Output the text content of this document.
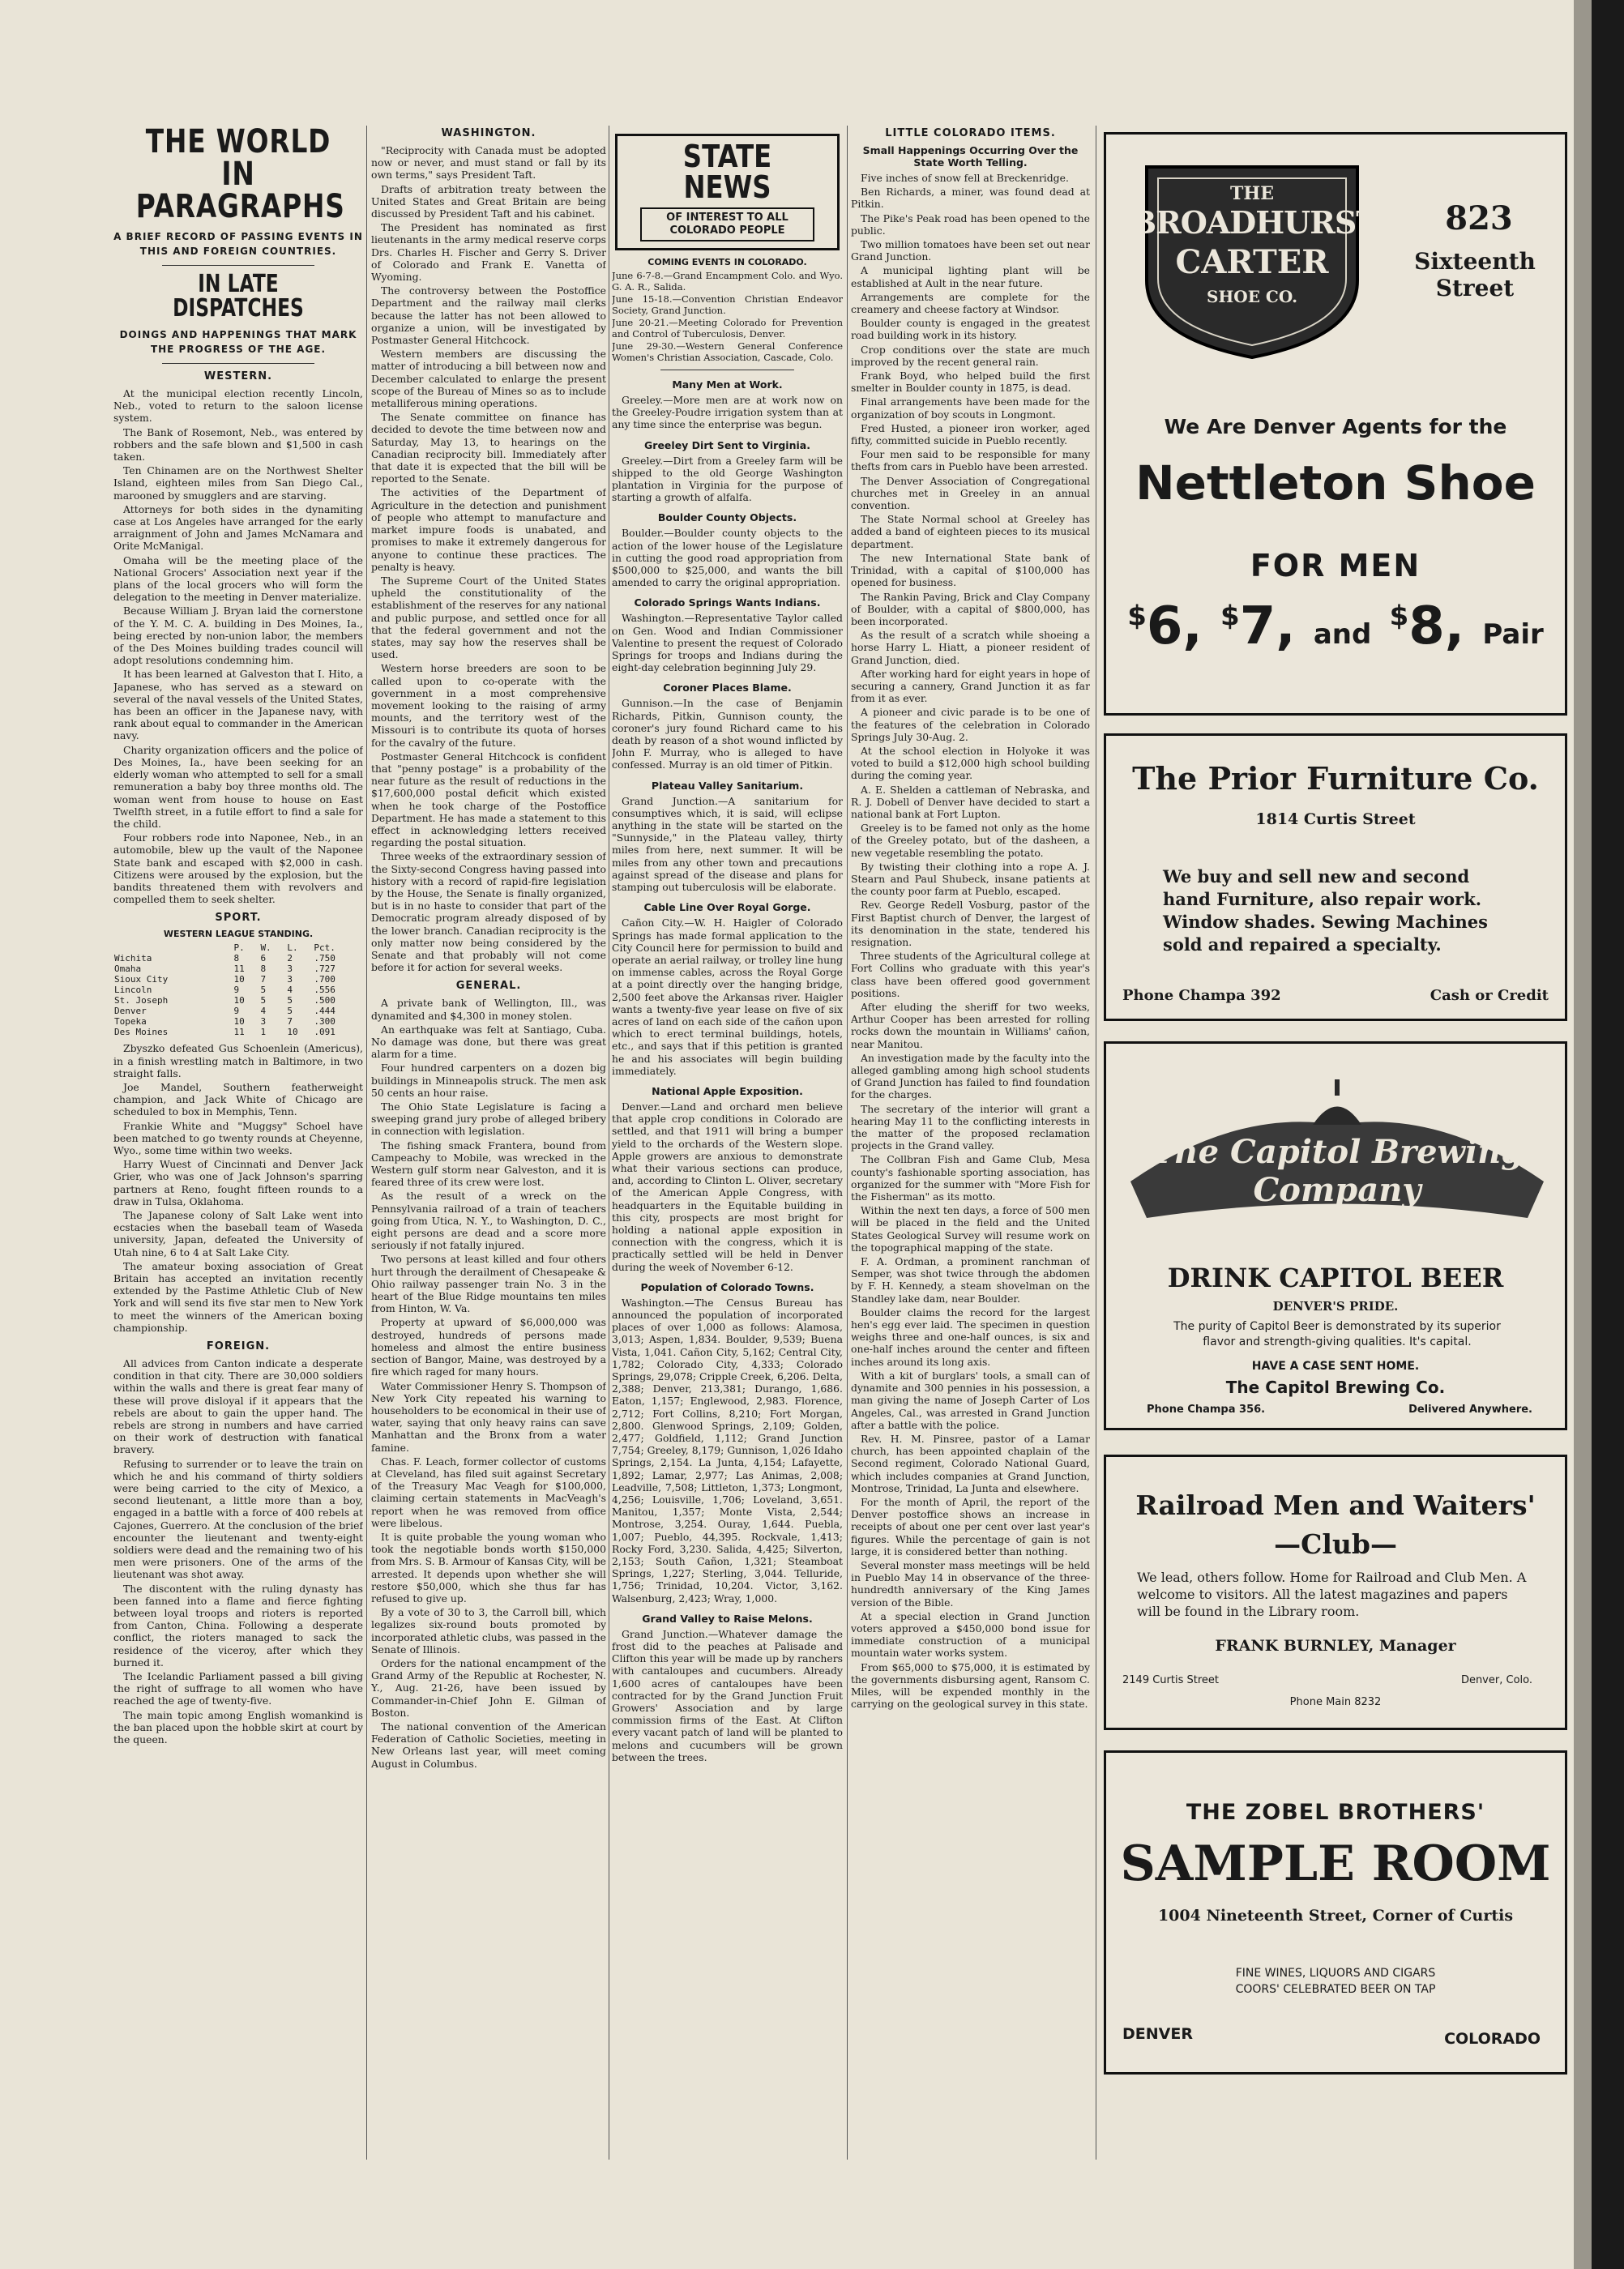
THE WORLD IN
PARAGRAPHS
A BRIEF RECORD OF PASSING EVENTS IN THIS AND FOREIGN COUNTRIES.
IN LATE DISPATCHES
DOINGS AND HAPPENINGS THAT MARK THE PROGRESS OF THE AGE.
WESTERN.

At the municipal election recently Lincoln, Neb., voted to return to the saloon license system.

The Bank of Rosemont, Neb., was entered by robbers and the safe blown and $1,500 in cash taken.

Ten Chinamen are on the Northwest Shelter Island, eighteen miles from San Diego Cal., marooned by smugglers and are starving.

Attorneys for both sides in the dynamiting case at Los Angeles have arranged for the early arraignment of John and James McNamara and Orite McManigal.

Omaha will be the meeting place of the National Grocers' Association next year if the plans of the local grocers who will form the delegation to the meeting in Denver materialize.

Because William J. Bryan laid the cornerstone of the Y. M. C. A. building in Des Moines, Ia., being erected by non-union labor, the members of the Des Moines building trades council will adopt resolutions condemning him.

It has been learned at Galveston that I. Hito, a Japanese, who has served as a steward on several of the naval vessels of the United States, has been an officer in the Japanese navy, with rank about equal to commander in the American navy.

Charity organization officers and the police of Des Moines, Ia., have been seeking for an elderly woman who attempted to sell for a small remuneration a baby boy three months old. The woman went from house to house on East Twelfth street, in a futile effort to find a sale for the child.

Four robbers rode into Naponee, Neb., in an automobile, blew up the vault of the Naponee State bank and escaped with $2,000 in cash. Citizens were aroused by the explosion, but the bandits threatened them with revolvers and compelled them to seek shelter.

SPORT.
WESTERN LEAGUE STANDING.
	P.	W.	L.	Pct.
Wichita	8	6	2	.750
Omaha	11	8	3	.727
Sioux City	10	7	3	.700
Lincoln	9	5	4	.556
St. Joseph	10	5	5	.500
Denver	9	4	5	.444
Topeka	10	3	7	.300
Des Moines	11	1	10	.091

Zbyszko defeated Gus Schoenlein (Americus), in a finish wrestling match in Baltimore, in two straight falls.

Joe Mandel, Southern featherweight champion, and Jack White of Chicago are scheduled to box in Memphis, Tenn.

Frankie White and "Muggsy" Schoel have been matched to go twenty rounds at Cheyenne, Wyo., some time within two weeks.

Harry Wuest of Cincinnati and Denver Jack Grier, who was one of Jack Johnson's sparring partners at Reno, fought fifteen rounds to a draw in Tulsa, Oklahoma.

The Japanese colony of Salt Lake went into ecstacies when the baseball team of Waseda university, Japan, defeated the University of Utah nine, 6 to 4 at Salt Lake City.

The amateur boxing association of Great Britain has accepted an invitation recently extended by the Pastime Athletic Club of New York and will send its five star men to New York to meet the winners of the American boxing championship.

FOREIGN.

All advices from Canton indicate a desperate condition in that city. There are 30,000 soldiers within the walls and there is great fear many of these will prove disloyal if it appears that the rebels are about to gain the upper hand. The rebels are strong in numbers and have carried on their work of destruction with fanatical bravery.

Refusing to surrender or to leave the train on which he and his command of thirty soldiers were being carried to the city of Mexico, a second lieutenant, a little more than a boy, engaged in a battle with a force of 400 rebels at Cajones, Guerrero. At the conclusion of the brief encounter the lieutenant and twenty-eight soldiers were dead and the remaining two of his men were prisoners. One of the arms of the lieutenant was shot away.

The discontent with the ruling dynasty has been fanned into a flame and fierce fighting between loyal troops and rioters is reported from Canton, China. Following a desperate conflict, the rioters managed to sack the residence of the viceroy, after which they burned it.

The Icelandic Parliament passed a bill giving the right of suffrage to all women who have reached the age of twenty-five.

The main topic among English womankind is the ban placed upon the hobble skirt at court by the queen.

WASHINGTON.

"Reciprocity with Canada must be adopted now or never, and must stand or fall by its own terms," says President Taft.

Drafts of arbitration treaty between the United States and Great Britain are being discussed by President Taft and his cabinet.

The President has nominated as first lieutenants in the army medical reserve corps Drs. Charles H. Fischer and Gerry S. Driver of Colorado and Frank E. Vanetta of Wyoming.

The controversy between the Postoffice Department and the railway mail clerks because the latter has not been allowed to organize a union, will be investigated by Postmaster General Hitchcock.

Western members are discussing the matter of introducing a bill between now and December calculated to enlarge the present scope of the Bureau of Mines so as to include metalliferous mining operations.

The Senate committee on finance has decided to devote the time between now and Saturday, May 13, to hearings on the Canadian reciprocity bill. Immediately after that date it is expected that the bill will be reported to the Senate.

The activities of the Department of Agriculture in the detection and punishment of people who attempt to manufacture and market impure foods is unabated, and promises to make it extremely dangerous for anyone to continue these practices. The penalty is heavy.

The Supreme Court of the United States upheld the constitutionality of the establishment of the reserves for any national and public purpose, and settled once for all that the federal government and not the states, may say how the reserves shall be used.

Western horse breeders are soon to be called upon to co-operate with the government in a most comprehensive movement looking to the raising of army mounts, and the territory west of the Missouri is to contribute its quota of horses for the cavalry of the future.

Postmaster General Hitchcock is confident that "penny postage" is a probability of the near future as the result of reductions in the $17,600,000 postal deficit which existed when he took charge of the Postoffice Department. He has made a statement to this effect in acknowledging letters received regarding the postal situation.

Three weeks of the extraordinary session of the Sixty-second Congress having passed into history with a record of rapid-fire legislation by the House, the Senate is finally organized, but is in no haste to consider that part of the Democratic program already disposed of by the lower branch. Canadian reciprocity is the only matter now being considered by the Senate and that probably will not come before it for action for several weeks.

GENERAL.

A private bank of Wellington, Ill., was dynamited and $4,300 in money stolen.

An earthquake was felt at Santiago, Cuba. No damage was done, but there was great alarm for a time.

Four hundred carpenters on a dozen big buildings in Minneapolis struck. The men ask 50 cents an hour raise.

The Ohio State Legislature is facing a sweeping grand jury probe of alleged bribery in connection with legislation.

The fishing smack Frantera, bound from Campeachy to Mobile, was wrecked in the Western gulf storm near Galveston, and it is feared three of its crew were lost.

As the result of a wreck on the Pennsylvania railroad of a train of teachers going from Utica, N. Y., to Washington, D. C., eight persons are dead and a score more seriously if not fatally injured.

Two persons at least killed and four others hurt through the derailment of Chesapeake & Ohio railway passenger train No. 3 in the heart of the Blue Ridge mountains ten miles from Hinton, W. Va.

Property at upward of $6,000,000 was destroyed, hundreds of persons made homeless and almost the entire business section of Bangor, Maine, was destroyed by a fire which raged for many hours.

Water Commissioner Henry S. Thompson of New York City repeated his warning to householders to be economical in their use of water, saying that only heavy rains can save Manhattan and the Bronx from a water famine.

Chas. F. Leach, former collector of customs at Cleveland, has filed suit against Secretary of the Treasury Mac Veagh for $100,000, claiming certain statements in MacVeagh's report when he was removed from office were libelous.

It is quite probable the young woman who took the negotiable bonds worth $150,000 from Mrs. S. B. Armour of Kansas City, will be arrested. It depends upon whether she will restore $50,000, which she thus far has refused to give up.

By a vote of 30 to 3, the Carroll bill, which legalizes six-round bouts promoted by incorporated athletic clubs, was passed in the Senate of Illinois.

Orders for the national encampment of the Grand Army of the Republic at Rochester, N. Y., Aug. 21-26, have been issued by Commander-in-Chief John E. Gilman of Boston.

The national convention of the American Federation of Catholic Societies, meeting in New Orleans last year, will meet coming August in Columbus.

STATE NEWS
OF INTEREST TO ALL COLORADO PEOPLE
COMING EVENTS IN COLORADO.

June 6-7-8.—Grand Encampment Colo. and Wyo. G. A. R., Salida.

June 15-18.—Convention Christian Endeavor Society, Grand Junction.

June 20-21.—Meeting Colorado for Prevention and Control of Tuberculosis, Denver.

June 29-30.—Western General Conference Women's Christian Association, Cascade, Colo.

Many Men at Work.

Greeley.—More men are at work now on the Greeley-Poudre irrigation system than at any time since the enterprise was begun.

Greeley Dirt Sent to Virginia.

Greeley.—Dirt from a Greeley farm will be shipped to the old George Washington plantation in Virginia for the purpose of starting a growth of alfalfa.

Boulder County Objects.

Boulder.—Boulder county objects to the action of the lower house of the Legislature in cutting the good road appropriation from $500,000 to $25,000, and wants the bill amended to carry the original appropriation.

Colorado Springs Wants Indians.

Washington.—Representative Taylor called on Gen. Wood and Indian Commissioner Valentine to present the request of Colorado Springs for troops and Indians during the eight-day celebration beginning July 29.

Coroner Places Blame.

Gunnison.—In the case of Benjamin Richards, Pitkin, Gunnison county, the coroner's jury found Richard came to his death by reason of a shot wound inflicted by John F. Murray, who is alleged to have confessed. Murray is an old timer of Pitkin.

Plateau Valley Sanitarium.

Grand Junction.—A sanitarium for consumptives which, it is said, will eclipse anything in the state will be started on the "Sunnyside," in the Plateau valley, thirty miles from here, next summer. It will be miles from any other town and precautions against spread of the disease and plans for stamping out tuberculosis will be elaborate.

Cable Line Over Royal Gorge.

Cañon City.—W. H. Haigler of Colorado Springs has made formal application to the City Council here for permission to build and operate an aerial railway, or trolley line hung on immense cables, across the Royal Gorge at a point directly over the hanging bridge, 2,500 feet above the Arkansas river. Haigler wants a twenty-five year lease on five of six acres of land on each side of the cañon upon which to erect terminal buildings, hotels, etc., and says that if this petition is granted he and his associates will begin building immediately.

National Apple Exposition.

Denver.—Land and orchard men believe that apple crop conditions in Colorado are settled, and that 1911 will bring a bumper yield to the orchards of the Western slope. Apple growers are anxious to demonstrate what their various sections can produce, and, according to Clinton L. Oliver, secretary of the American Apple Congress, with headquarters in the Equitable building in this city, prospects are most bright for holding a national apple exposition in connection with the congress, which it is practically settled will be held in Denver during the week of November 6-12.

Population of Colorado Towns.

Washington.—The Census Bureau has announced the population of incorporated places of over 1,000 as follows: Alamosa, 3,013; Aspen, 1,834. Boulder, 9,539; Buena Vista, 1,041. Cañon City, 5,162; Central City, 1,782; Colorado City, 4,333; Colorado Springs, 29,078; Cripple Creek, 6,206. Delta, 2,388; Denver, 213,381; Durango, 1,686. Eaton, 1,157; Englewood, 2,983. Florence, 2,712; Fort Collins, 8,210; Fort Morgan, 2,800. Glenwood Springs, 2,109; Golden, 2,477; Goldfield, 1,112; Grand Junction 7,754; Greeley, 8,179; Gunnison, 1,026 Idaho Springs, 2,154. La Junta, 4,154; Lafayette, 1,892; Lamar, 2,977; Las Animas, 2,008; Leadville, 7,508; Littleton, 1,373; Longmont, 4,256; Louisville, 1,706; Loveland, 3,651. Manitou, 1,357; Monte Vista, 2,544; Montrose, 3,254. Ouray, 1,644. Puebla, 1,007; Pueblo, 44,395. Rockvale, 1,413; Rocky Ford, 3,230. Salida, 4,425; Silverton, 2,153; South Cañon, 1,321; Steamboat Springs, 1,227; Sterling, 3,044. Telluride, 1,756; Trinidad, 10,204. Victor, 3,162. Walsenburg, 2,423; Wray, 1,000.

Grand Valley to Raise Melons.

Grand Junction.—Whatever damage the frost did to the peaches at Palisade and Clifton this year will be made up by ranchers with cantaloupes and cucumbers. Already 1,600 acres of cantaloupes have been contracted for by the Grand Junction Fruit Growers' Association and by large commission firms of the East. At Clifton every vacant patch of land will be planted to melons and cucumbers will be grown between the trees.

LITTLE COLORADO ITEMS.
Small Happenings Occurring Over the State Worth Telling.

Five inches of snow fell at Breckenridge.

Ben Richards, a miner, was found dead at Pitkin.

The Pike's Peak road has been opened to the public.

Two million tomatoes have been set out near Grand Junction.

A municipal lighting plant will be established at Ault in the near future.

Arrangements are complete for the creamery and cheese factory at Windsor.

Boulder county is engaged in the greatest road building work in its history.

Crop conditions over the state are much improved by the recent general rain.

Frank Boyd, who helped build the first smelter in Boulder county in 1875, is dead.

Final arrangements have been made for the organization of boy scouts in Longmont.

Fred Husted, a pioneer iron worker, aged fifty, committed suicide in Pueblo recently.

Four men said to be responsible for many thefts from cars in Pueblo have been arrested.

The Denver Association of Congregational churches met in Greeley in an annual convention.

The State Normal school at Greeley has added a band of eighteen pieces to its musical department.

The new International State bank of Trinidad, with a capital of $100,000 has opened for business.

The Rankin Paving, Brick and Clay Company of Boulder, with a capital of $800,000, has been incorporated.

As the result of a scratch while shoeing a horse Harry L. Hiatt, a pioneer resident of Grand Junction, died.

After working hard for eight years in hope of securing a cannery, Grand Junction it as far from it as ever.

A pioneer and civic parade is to be one of the features of the celebration in Colorado Springs July 30-Aug. 2.

At the school election in Holyoke it was voted to build a $12,000 high school building during the coming year.

A. E. Shelden a cattleman of Nebraska, and R. J. Dobell of Denver have decided to start a national bank at Fort Lupton.

Greeley is to be famed not only as the home of the Greeley potato, but of the dasheen, a new vegetable resembling the potato.

By twisting their clothing into a rope A. J. Stearn and Paul Shubeck, insane patients at the county poor farm at Pueblo, escaped.

Rev. George Redell Vosburg, pastor of the First Baptist church of Denver, the largest of its denomination in the state, tendered his resignation.

Three students of the Agricultural college at Fort Collins who graduate with this year's class have been offered good government positions.

After eluding the sheriff for two weeks, Arthur Cooper has been arrested for rolling rocks down the mountain in Williams' cañon, near Manitou.

An investigation made by the faculty into the alleged gambling among high school students of Grand Junction has failed to find foundation for the charges.

The secretary of the interior will grant a hearing May 11 to the conflicting interests in the matter of the proposed reclamation projects in the Grand valley.

The Collbran Fish and Game Club, Mesa county's fashionable sporting association, has organized for the summer with "More Fish for the Fisherman" as its motto.

Within the next ten days, a force of 500 men will be placed in the field and the United States Geological Survey will resume work on the topographical mapping of the state.

F. A. Ordman, a prominent ranchman of Semper, was shot twice through the abdomen by F. H. Kennedy, a steam shovelman on the Standley lake dam, near Boulder.

Boulder claims the record for the largest hen's egg ever laid. The specimen in question weighs three and one-half ounces, is six and one-half inches around the center and fifteen inches around its long axis.

With a kit of burglars' tools, a small can of dynamite and 300 pennies in his possession, a man giving the name of Joseph Carter of Los Angeles, Cal., was arrested in Grand Junction after a battle with the police.

Rev. H. M. Pinsree, pastor of a Lamar church, has been appointed chaplain of the Second regiment, Colorado National Guard, which includes companies at Grand Junction, Montrose, Trinidad, La Junta and elsewhere.

For the month of April, the report of the Denver postoffice shows an increase in receipts of about one per cent over last year's figures. While the percentage of gain is not large, it is considered better than nothing.

Several monster mass meetings will be held in Pueblo May 14 in observance of the three-hundredth anniversary of the King James version of the Bible.

At a special election in Grand Junction voters approved a $450,000 bond issue for immediate construction of a municipal mountain water works system.

From $65,000 to $75,000, it is estimated by the governments disbursing agent, Ransom C. Miles, will be expended monthly in the carrying on the geological survey in this state.

THE
BROADHURST
CARTER
SHOE CO.
823
Sixteenth Street
We Are Denver Agents for the
Nettleton Shoe
FOR MEN
$6, $7, and $8, Pair
The Prior Furniture Co.
1814 Curtis Street
We buy and sell new and second hand Furniture, also repair work. Window shades. Sewing Machines sold and repaired a specialty.
Phone Champa 392	Cash or Credit
The Capitol Brewing Company
DRINK CAPITOL BEER
DENVER'S PRIDE.
The purity of Capitol Beer is demonstrated by its superior flavor and strength-giving qualities. It's capital.
HAVE A CASE SENT HOME.
The Capitol Brewing Co.
Phone Champa 356.	Delivered Anywhere.
Railroad Men and Waiters'
—Club—
We lead, others follow. Home for Railroad and Club Men. A welcome to visitors. All the latest magazines and papers will be found in the Library room.
FRANK BURNLEY, Manager
2149 Curtis Street	Denver, Colo.
Phone Main 8232
THE ZOBEL BROTHERS'
SAMPLE ROOM
1004 Nineteenth Street, Corner of Curtis
FINE WINES, LIQUORS AND CIGARS
COORS' CELEBRATED BEER ON TAP
DENVER	COLORADO
